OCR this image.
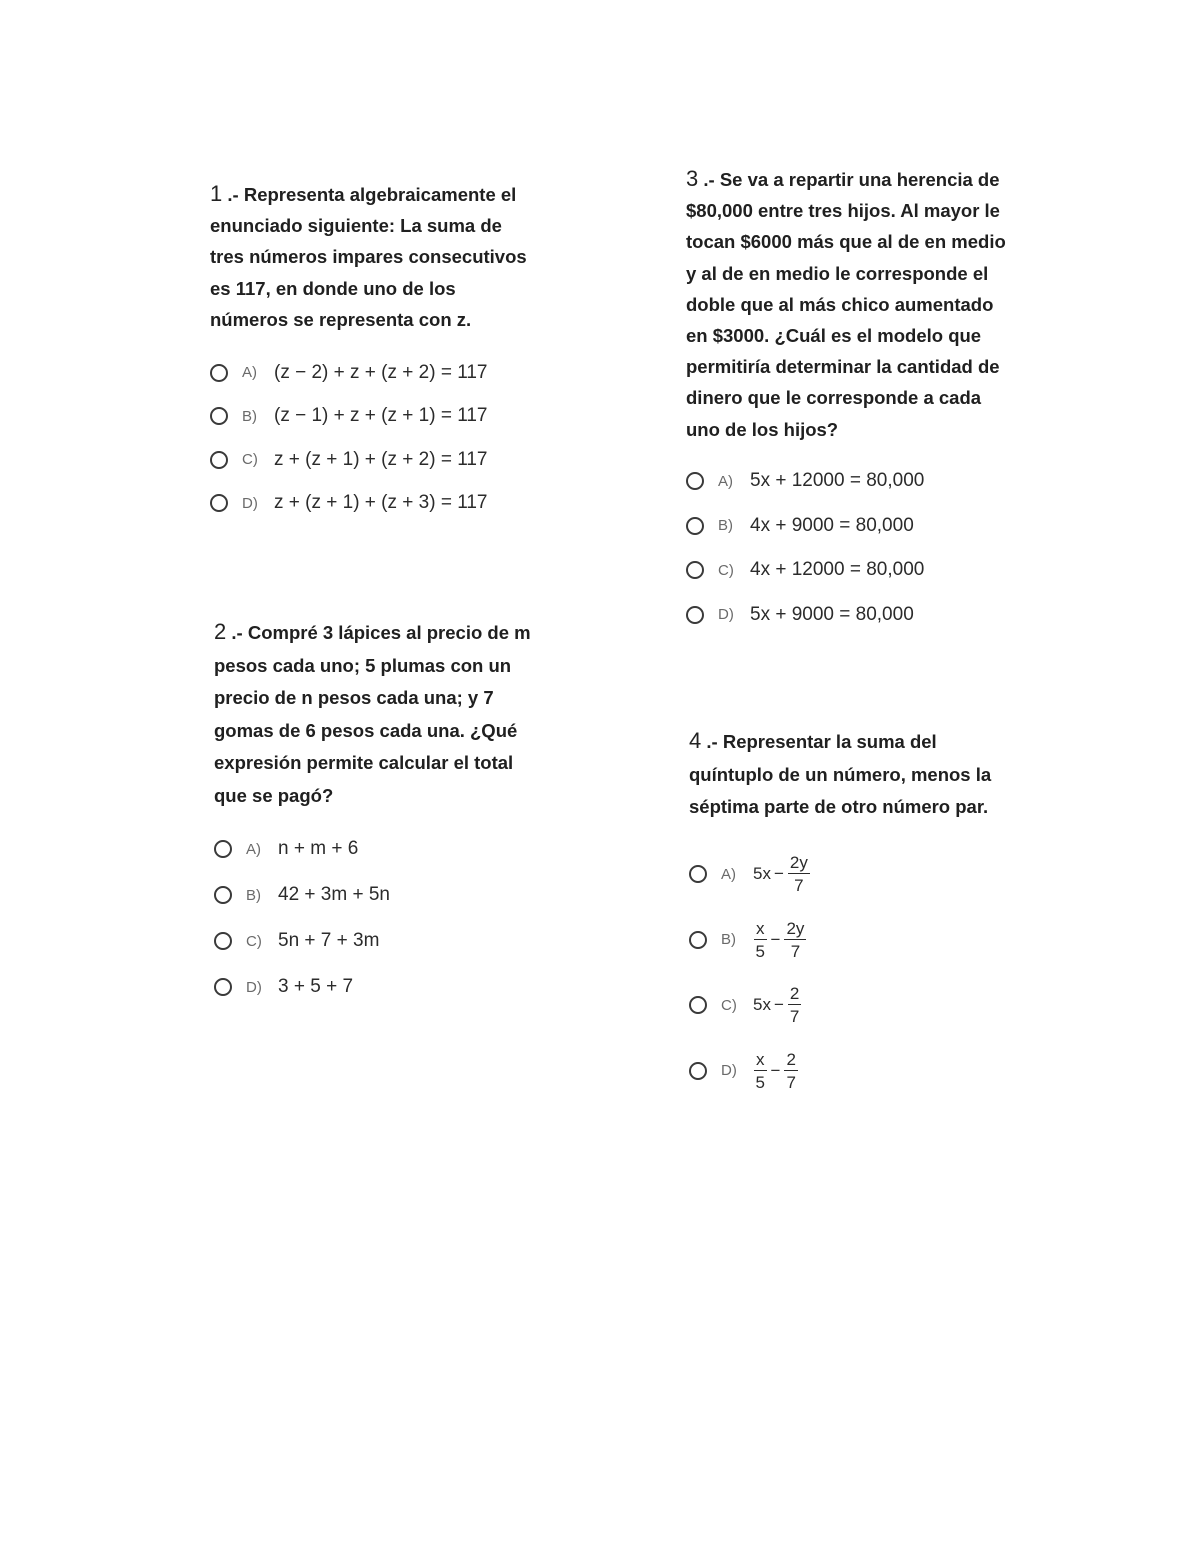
1 .- Representa algebraicamente el enunciado siguiente: La suma de tres números impares consecutivos es 117, en donde uno de los números se representa con z.

A) (z − 2) + z + (z + 2) = 117
B) (z − 1) + z + (z + 1) = 117
C) z + (z + 1) + (z + 2) = 117
D) z + (z + 1) + (z + 3) = 117

2 .- Compré 3 lápices al precio de m pesos cada uno; 5 plumas con un precio de n pesos cada una; y 7 gomas de 6 pesos cada una. ¿Qué expresión permite calcular el total que se pagó?

A) n + m + 6
B) 42 + 3m + 5n
C) 5n + 7 + 3m
D) 3 + 5 + 7

3 .- Se va a repartir una herencia de $80,000 entre tres hijos. Al mayor le tocan $6000 más que al de en medio y al de en medio le corresponde el doble que al más chico aumentado en $3000. ¿Cuál es el modelo que permitiría determinar la cantidad de dinero que le corresponde a cada uno de los hijos?

A) 5x + 12000 = 80,000
B) 4x + 9000 = 80,000
C) 4x + 12000 = 80,000
D) 5x + 9000 = 80,000

4 .- Representar la suma del quíntuplo de un número, menos la séptima parte de otro número par.

A)	$5x - \frac{2y}{7}$
B)	$\frac{x}{5} - \frac{2y}{7}$
C) $5x - \frac{2}{7}$
D)	$\frac{x}{5} - \frac{2}{7}$
